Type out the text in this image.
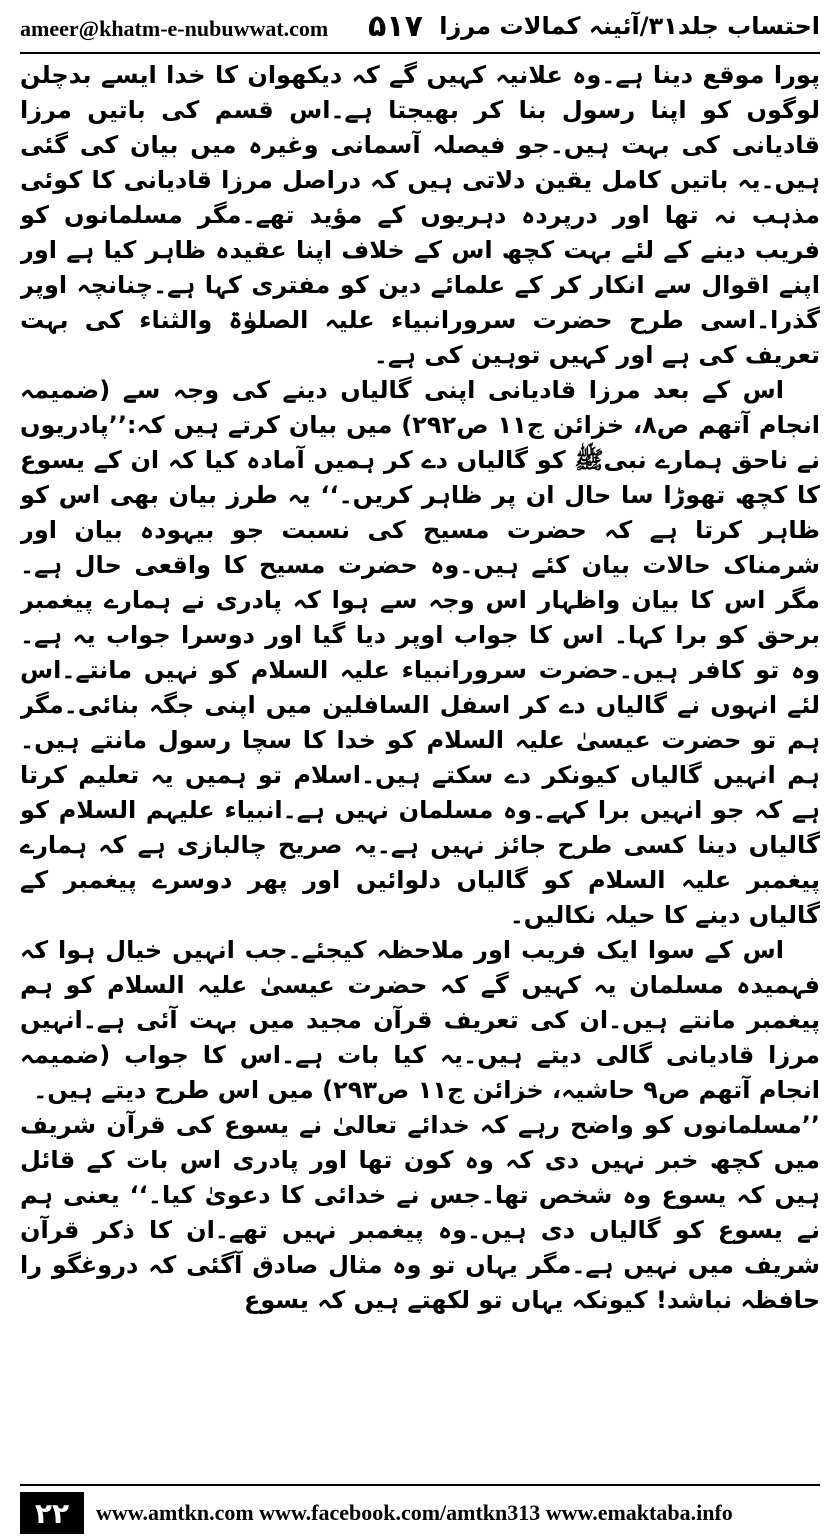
ameer@khatm-e-nubuwwat.com ۵۱۷ احتساب جلد۳۱/آئینہ کمالات مرزا

پورا موقع دینا ہے۔وہ علانیہ کہیں گے کہ دیکھوان کا خدا ایسے بدچلن لوگوں کو اپنا رسول بنا کر بھیجتا ہے۔اس قسم کی باتیں مرزا قادیانی کی بہت ہیں۔جو فیصلہ آسمانی وغیرہ میں بیان کی گئی ہیں۔یہ باتیں کامل یقین دلاتی ہیں کہ دراصل مرزا قادیانی کا کوئی مذہب نہ تھا اور درپردہ دہریوں کے مؤید تھے۔مگر مسلمانوں کو فریب دینے کے لئے بہت کچھ اس کے خلاف اپنا عقیدہ ظاہر کیا ہے اور اپنے اقوال سے انکار کر کے علمائے دین کو مفتری کہا ہے۔چنانچہ اوپر گذرا۔اسی طرح حضرت سرورانبیاء علیہ الصلوٰۃ والثناء کی بہت تعریف کی ہے اور کہیں توہین کی ہے۔

اس کے بعد مرزا قادیانی اپنی گالیاں دینے کی وجہ سے (ضمیمہ انجام آتھم ص۸، خزائن ج۱۱ ص۲۹۲) میں بیان کرتے ہیں کہ:’’پادریوں نے ناحق ہمارے نبیﷺ کو گالیاں دے کر ہمیں آمادہ کیا کہ ان کے یسوع کا کچھ تھوڑا سا حال ان پر ظاہر کریں۔‘‘ یہ طرز بیان بھی اس کو ظاہر کرتا ہے کہ حضرت مسیح کی نسبت جو بیہودہ بیان اور شرمناک حالات بیان کئے ہیں۔وہ حضرت مسیح کا واقعی حال ہے۔مگر اس کا بیان واظہار اس وجہ سے ہوا کہ پادری نے ہمارے پیغمبر برحق کو برا کہا۔ اس کا جواب اوپر دیا گیا اور دوسرا جواب یہ ہے۔وہ تو کافر ہیں۔حضرت سرورانبیاء علیہ السلام کو نہیں مانتے۔اس لئے انہوں نے گالیاں دے کر اسفل السافلین میں اپنی جگہ بنائی۔مگر ہم تو حضرت عیسیٰ علیہ السلام کو خدا کا سچا رسول مانتے ہیں۔ہم انہیں گالیاں کیونکر دے سکتے ہیں۔اسلام تو ہمیں یہ تعلیم کرتا ہے کہ جو انہیں برا کہے۔وہ مسلمان نہیں ہے۔انبیاء علیہم السلام کو گالیاں دینا کسی طرح جائز نہیں ہے۔یہ صریح چالبازی ہے کہ ہمارے پیغمبر علیہ السلام کو گالیاں دلوائیں اور پھر دوسرے پیغمبر کے گالیاں دینے کا حیلہ نکالیں۔

اس کے سوا ایک فریب اور ملاحظہ کیجئے۔جب انہیں خیال ہوا کہ فہمیدہ مسلمان یہ کہیں گے کہ حضرت عیسیٰ علیہ السلام کو ہم پیغمبر مانتے ہیں۔ان کی تعریف قرآن مجید میں بہت آئی ہے۔انہیں مرزا قادیانی گالی دیتے ہیں۔یہ کیا بات ہے۔اس کا جواب (ضمیمہ انجام آتھم ص۹ حاشیہ، خزائن ج۱۱ ص۲۹۳) میں اس طرح دیتے ہیں۔

’’مسلمانوں کو واضح رہے کہ خدائے تعالیٰ نے یسوع کی قرآن شریف میں کچھ خبر نہیں دی کہ وہ کون تھا اور پادری اس بات کے قائل ہیں کہ یسوع وہ شخص تھا۔جس نے خدائی کا دعویٰ کیا۔‘‘ یعنی ہم نے یسوع کو گالیاں دی ہیں۔وہ پیغمبر نہیں تھے۔ان کا ذکر قرآن شریف میں نہیں ہے۔مگر یہاں تو وہ مثال صادق آگئی کہ دروغگو را حافظہ نباشد! کیونکہ یہاں تو لکھتے ہیں کہ یسوع

۲۲	www.amtkn.com www.facebook.com/amtkn313 www.emaktaba.info
